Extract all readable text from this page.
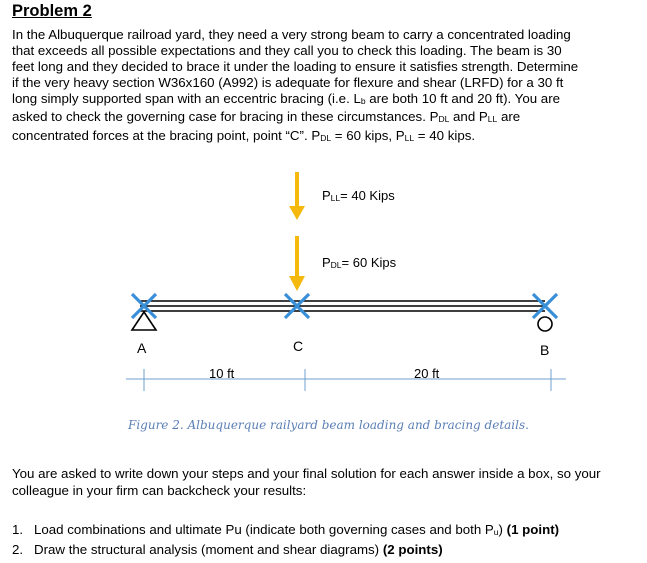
Problem 2
In the Albuquerque railroad yard, they need a very strong beam to carry a concentrated loading
that exceeds all possible expectations and they call you to check this loading. The beam is 30
feet long and they decided to brace it under the loading to ensure it satisfies strength. Determine
if the very heavy section W36x160 (A992) is adequate for flexure and shear (LRFD) for a 30 ft
long simply supported span with an eccentric bracing (i.e. $L_b$ are both 10 ft and 20 ft). You are
asked to check the governing case for bracing in these circumstances. $P_{DL}$ and $P_{LL}$ are
concentrated forces at the bracing point, point “C”. $P_{DL} = 60$ kips, $P_{LL} = 40$ kips.
$P_{LL}= 40$ Kips
$P_{DL}= 60$ Kips
A	C	B
10 ft	20 ft
Figure 2. Albuquerque railyard beam loading and bracing details.

You are asked to write down your steps and your final solution for each answer inside a box, so your colleague in your firm can backcheck your results:

1. Load combinations and ultimate Pu (indicate both governing cases and both $P_u$) (1 point)
2. Draw the structural analysis (moment and shear diagrams) (2 points)
